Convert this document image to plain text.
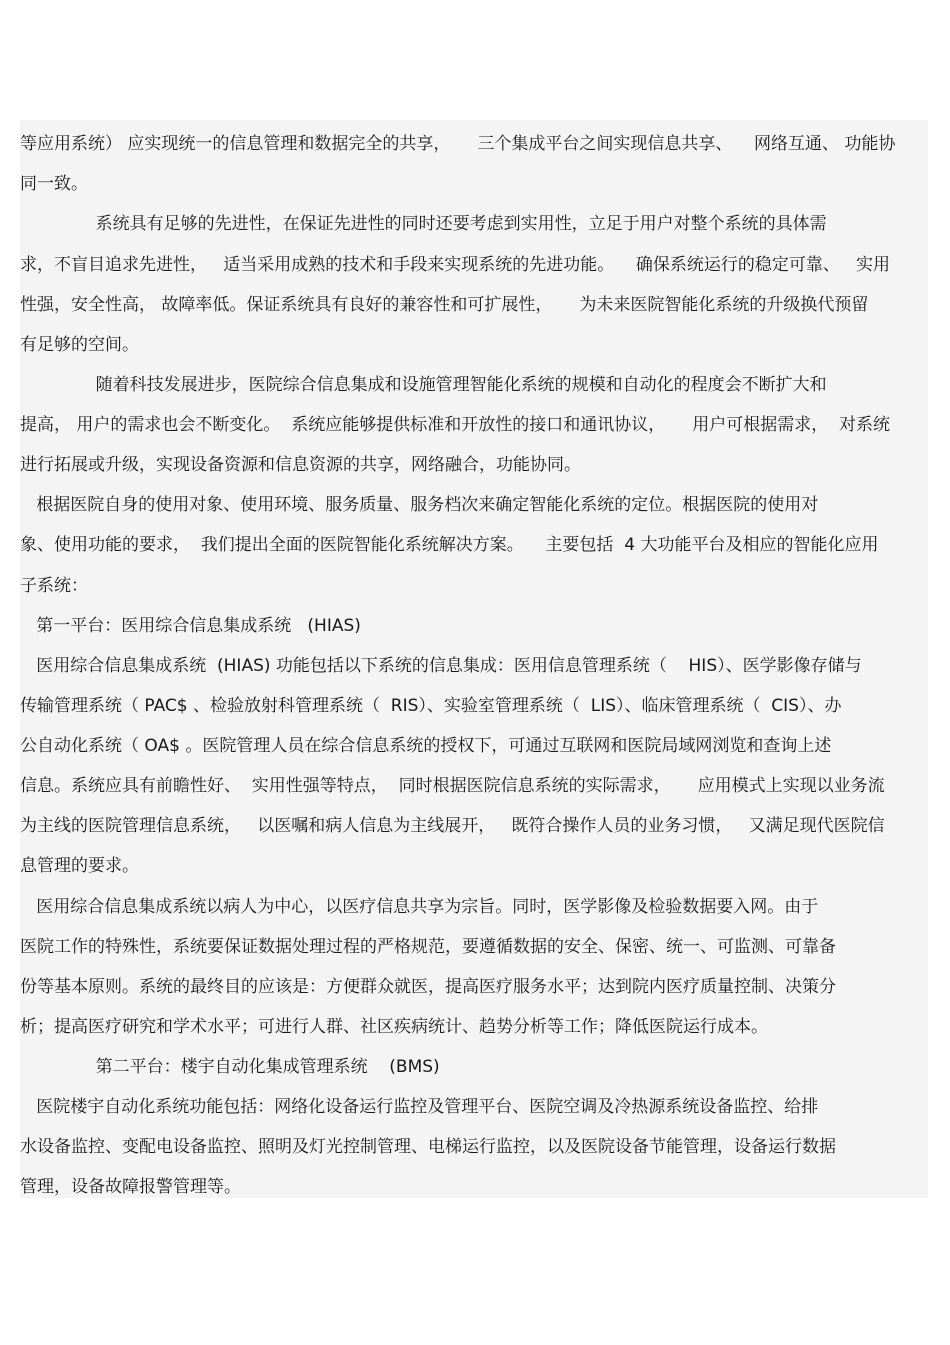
等应用系统） 应实现统一的信息管理和数据完全的共享，     三个集成平台之间实现信息共享、    网络互通、 功能协
同一致。
系统具有足够的先进性，在保证先进性的同时还要考虑到实用性，立足于用户对整个系统的具体需
求，不盲目追求先进性，   适当采用成熟的技术和手段来实现系统的先进功能。    确保系统运行的稳定可靠、   实用
性强，安全性高， 故障率低。保证系统具有良好的兼容性和可扩展性，     为未来医院智能化系统的升级换代预留
有足够的空间。
随着科技发展进步，医院综合信息集成和设施管理智能化系统的规模和自动化的程度会不断扩大和
提高， 用户的需求也会不断变化。  系统应能够提供标准和开放性的接口和通讯协议，     用户可根据需求，  对系统
进行拓展或升级，实现设备资源和信息资源的共享，网络融合，功能协同。
根据医院自身的使用对象、使用环境、服务质量、服务档次来确定智能化系统的定位。根据医院的使用对
象、使用功能的要求，  我们提出全面的医院智能化系统解决方案。    主要包括  4 大功能平台及相应的智能化应用
子系统：
第一平台：医用综合信息集成系统   (HIAS)
医用综合信息集成系统  (HIAS) 功能包括以下系统的信息集成：医用信息管理系统（    HIS）、医学影像存储与
传输管理系统（ PAC$ 、检验放射科管理系统（  RIS）、实验室管理系统（  LIS）、临床管理系统（  CIS）、办
公自动化系统（ OA$ 。医院管理人员在综合信息系统的授权下，可通过互联网和医院局域网浏览和查询上述
信息。系统应具有前瞻性好、  实用性强等特点，  同时根据医院信息系统的实际需求，     应用模式上实现以业务流
为主线的医院管理信息系统，   以医嘱和病人信息为主线展开，   既符合操作人员的业务习惯，   又满足现代医院信
息管理的要求。
医用综合信息集成系统以病人为中心，以医疗信息共享为宗旨。同时，医学影像及检验数据要入网。由于
医院工作的特殊性，系统要保证数据处理过程的严格规范，要遵循数据的安全、保密、统一、可监测、可靠备
份等基本原则。系统的最终目的应该是：方便群众就医，提高医疗服务水平；达到院内医疗质量控制、决策分
析；提高医疗研究和学术水平；可进行人群、社区疾病统计、趋势分析等工作；降低医院运行成本。
第二平台：楼宇自动化集成管理系统    (BMS)
医院楼宇自动化系统功能包括：网络化设备运行监控及管理平台、医院空调及冷热源系统设备监控、给排
水设备监控、变配电设备监控、照明及灯光控制管理、电梯运行监控，以及医院设备节能管理，设备运行数据
管理，设备故障报警管理等。
